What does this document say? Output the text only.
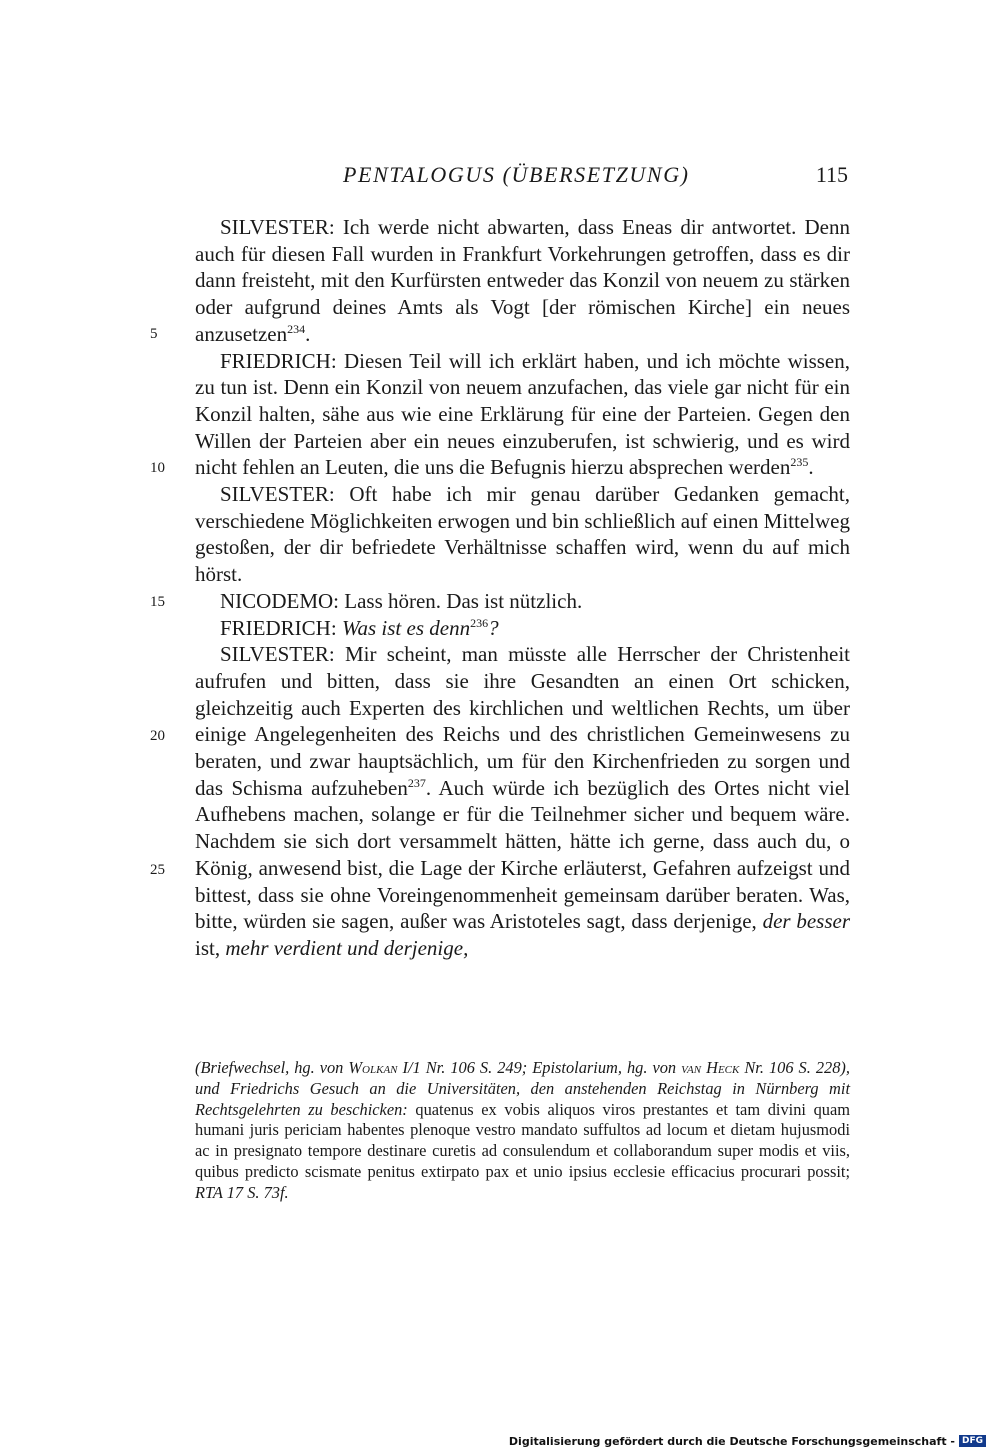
PENTALOGUS (ÜBERSETZUNG)	115
5
10
15
20
25

SILVESTER: Ich werde nicht abwarten, dass Eneas dir antwortet. Denn auch für diesen Fall wurden in Frankfurt Vorkehrungen getroffen, dass es dir dann freisteht, mit den Kurfürsten entweder das Konzil von neuem zu stärken oder aufgrund deines Amts als Vogt [der römischen Kirche] ein neues anzusetzen$^{234}$.

FRIEDRICH: Diesen Teil will ich erklärt haben, und ich möchte wissen, zu tun ist. Denn ein Konzil von neuem anzufachen, das viele gar nicht für ein Konzil halten, sähe aus wie eine Erklärung für eine der Parteien. Gegen den Willen der Parteien aber ein neues einzuberufen, ist schwierig, und es wird nicht fehlen an Leuten, die uns die Befugnis hierzu absprechen werden$^{235}$.

SILVESTER: Oft habe ich mir genau darüber Gedanken gemacht, verschiedene Möglichkeiten erwogen und bin schließlich auf einen Mittelweg gestoßen, der dir befriedete Verhältnisse schaffen wird, wenn du auf mich hörst.

NICODEMO: Lass hören. Das ist nützlich.

FRIEDRICH: Was ist es denn$^{236}$?

SILVESTER: Mir scheint, man müsste alle Herrscher der Christenheit aufrufen und bitten, dass sie ihre Gesandten an einen Ort schicken, gleichzeitig auch Experten des kirchlichen und weltlichen Rechts, um über einige Angelegenheiten des Reichs und des christlichen Gemeinwesens zu beraten, und zwar hauptsächlich, um für den Kirchenfrieden zu sorgen und das Schisma aufzuheben$^{237}$. Auch würde ich bezüglich des Ortes nicht viel Aufhebens machen, solange er für die Teilnehmer sicher und bequem wäre. Nachdem sie sich dort versammelt hätten, hätte ich gerne, dass auch du, o König, anwesend bist, die Lage der Kirche erläuterst, Gefahren aufzeigst und bittest, dass sie ohne Voreingenommenheit gemeinsam darüber beraten. Was, bitte, würden sie sagen, außer was Aristoteles sagt, dass derjenige, der besser ist, mehr verdient und derjenige,

(Briefwechsel, hg. von Wolkan I/1 Nr. 106 S. 249; Epistolarium, hg. von van Heck Nr. 106 S. 228), und Friedrichs Gesuch an die Universitäten, den anstehenden Reichstag in Nürnberg mit Rechtsgelehrten zu beschicken: quatenus ex vobis aliquos viros prestantes et tam divini quam humani juris periciam habentes plenoque vestro mandato suffultos ad locum et dietam hujusmodi ac in presignato tempore destinare curetis ad consulendum et collaborandum super modis et viis, quibus predicto scismate penitus extirpato pax et unio ipsius ecclesie efficacius procurari possit; RTA 17 S. 73f.

Digitalisierung gefördert durch die Deutsche Forschungsgemeinschaft - DFG
